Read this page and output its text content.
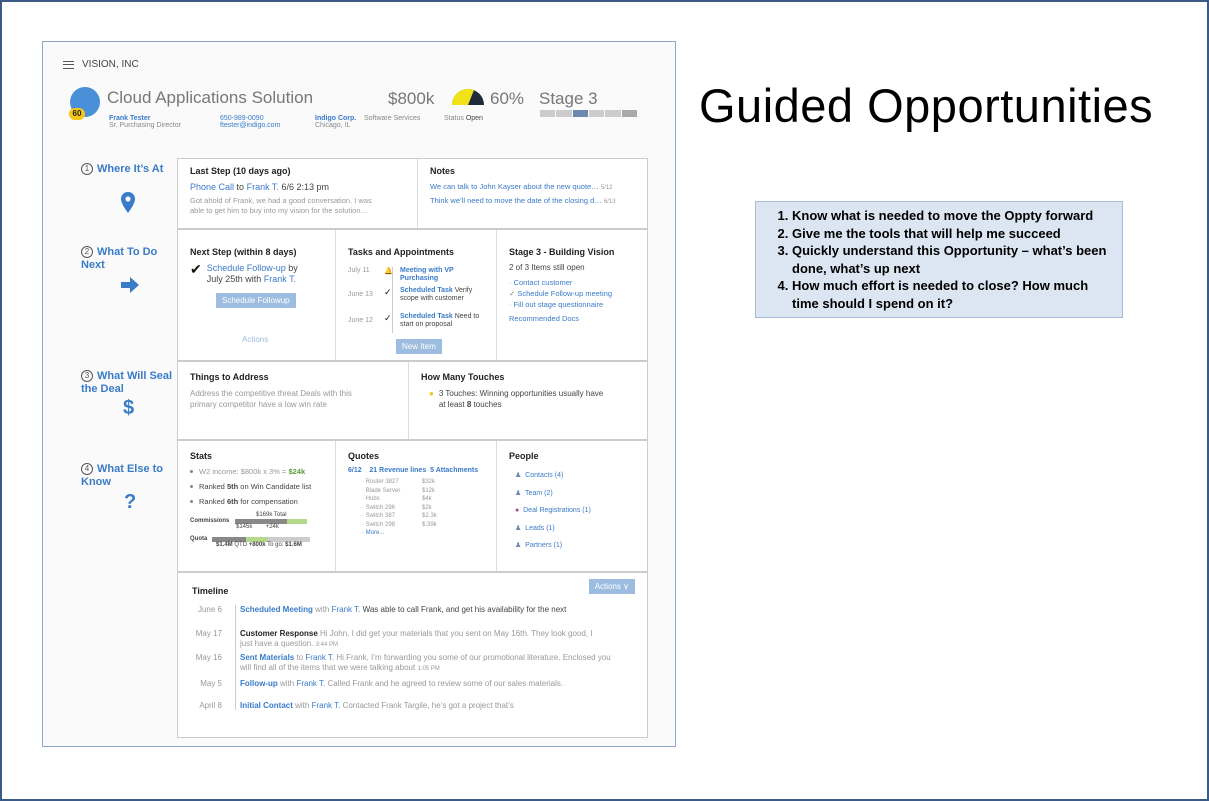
VISION, INC
60
Cloud Applications Solution
Frank Tester
Sr. Purchasing Director
650-989-0090
ftester@indigo.com
Indigo Corp.
Chicago, IL
Software Services
$800k	60% Stage 3
Status Open
1 Where It’s At
2 What To Do Next
3 What Will Seal the Deal
$
4 What Else to Know
?
Last Step (10 days ago)
Phone Call to Frank T. 6/6 2:13 pm
Got ahold of Frank, we had a good conversation. I was
able to get him to buy into my vision for the solution…
Notes
We can talk to John Kayser about the new quote… 5/12
Think we’ll need to move the date of the closing d… 6/13
Next Step (within 8 days)
✔ Schedule Follow-up by
July 25th with Frank T.
Schedule Followup
Actions
Tasks and Appointments
July 11	🔔 Meeting with VP Purchasing
June 13	✓	Scheduled Task Verify scope with customer
June 12	✓	Scheduled Task Need to start on proposal
New Item
Stage 3 - Building Vision
2 of 3 Items still open
· Contact customer
✓ Schedule Follow-up meeting
· Fill out stage questionnaire
Recommended Docs
Things to Address
Address the competitive threat Deals with this
primary competitor have a low win rate
How Many Touches
● 3 Touches: Winning opportunities usually have
at least 8 touches
Stats
W2 income:
$800k x 3% =
$24k
Ranked
5th
on Win Candidate list
Ranked
6th
for compensation
$169k Total
Commissions
$145k +24k
Quota
$1.4M QTD +800k To go: $1.6M
Quotes
6/12 21 Revenue lines 5 Attachments
· Router 3827	$32k
· Blade Server	$12k
· Hubs	$4k
· Switch 296	$2k
· Switch 387	$2.3k
· Switch 298	$.39k
· More...
People
♟ Contacts (4)
♟ Team (2)
● Deal Registrations (1)
♟ Leads (1)
♟ Partners (1)
Timeline	Actions ∨
June 6 Scheduled Meeting with Frank T. Was able to call Frank, and get his availability for the next
May 17 Customer Response Hi John, I did get your materials that you sent on May 16th. They look good, I
just have a question. 3:44 PM
May 16 Sent Materials to Frank T. Hi Frank, I’m forwarding you some of our promotional literature. Enclosed you
will find all of the items that we were talking about 1:05 PM
May 5 Follow-up with Frank T. Called Frank and he agreed to review some of our sales materials.
April 8 Initial Contact with Frank T. Contacted Frank Targile, he’s got a project that’s
Guided Opportunities
1. Know what is needed to move the Oppty forward
2. Give me the tools that will help me succeed
3. Quickly understand this Opportunity – what’s been done, what’s up next
4. How much effort is needed to close? How much time should I spend on it?
